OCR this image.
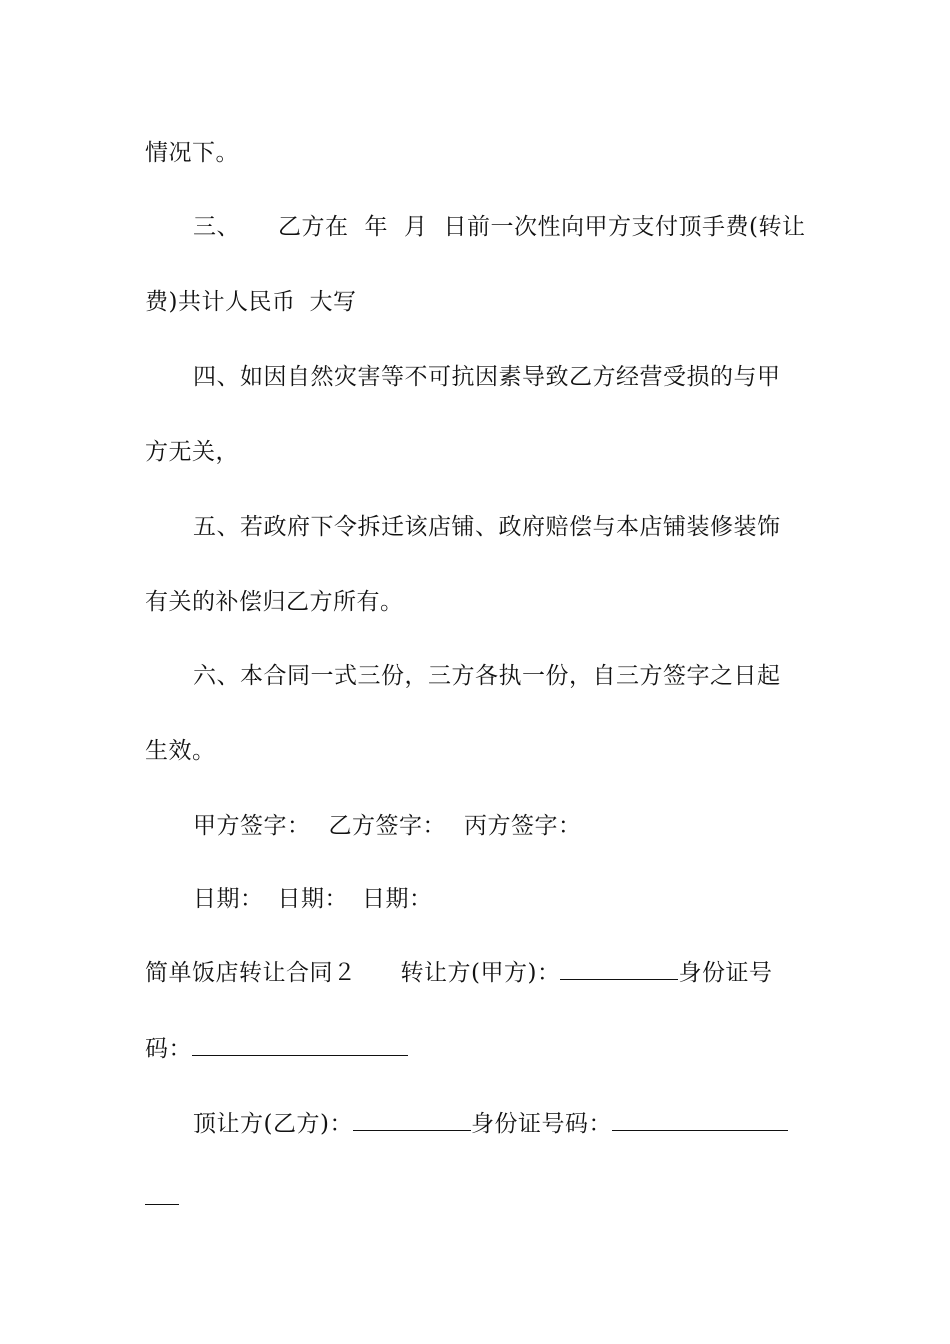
情况下。
三、 乙方在 年 月 日前一次性向甲方支付顶手费(转让
费)共计人民币 大写
四、如因自然灾害等不可抗因素导致乙方经营受损的与甲
方无关，
五、若政府下令拆迁该店铺、政府赔偿与本店铺装修装饰
有关的补偿归乙方所有。
六、本合同一式三份，三方各执一份，自三方签字之日起
生效。
甲方签字： 乙方签字： 丙方签字：
日期： 日期： 日期：
简单饭店转让合同２ 转让方(甲方)：	身份证号
码：
顶让方(乙方)：	身份证号码：
